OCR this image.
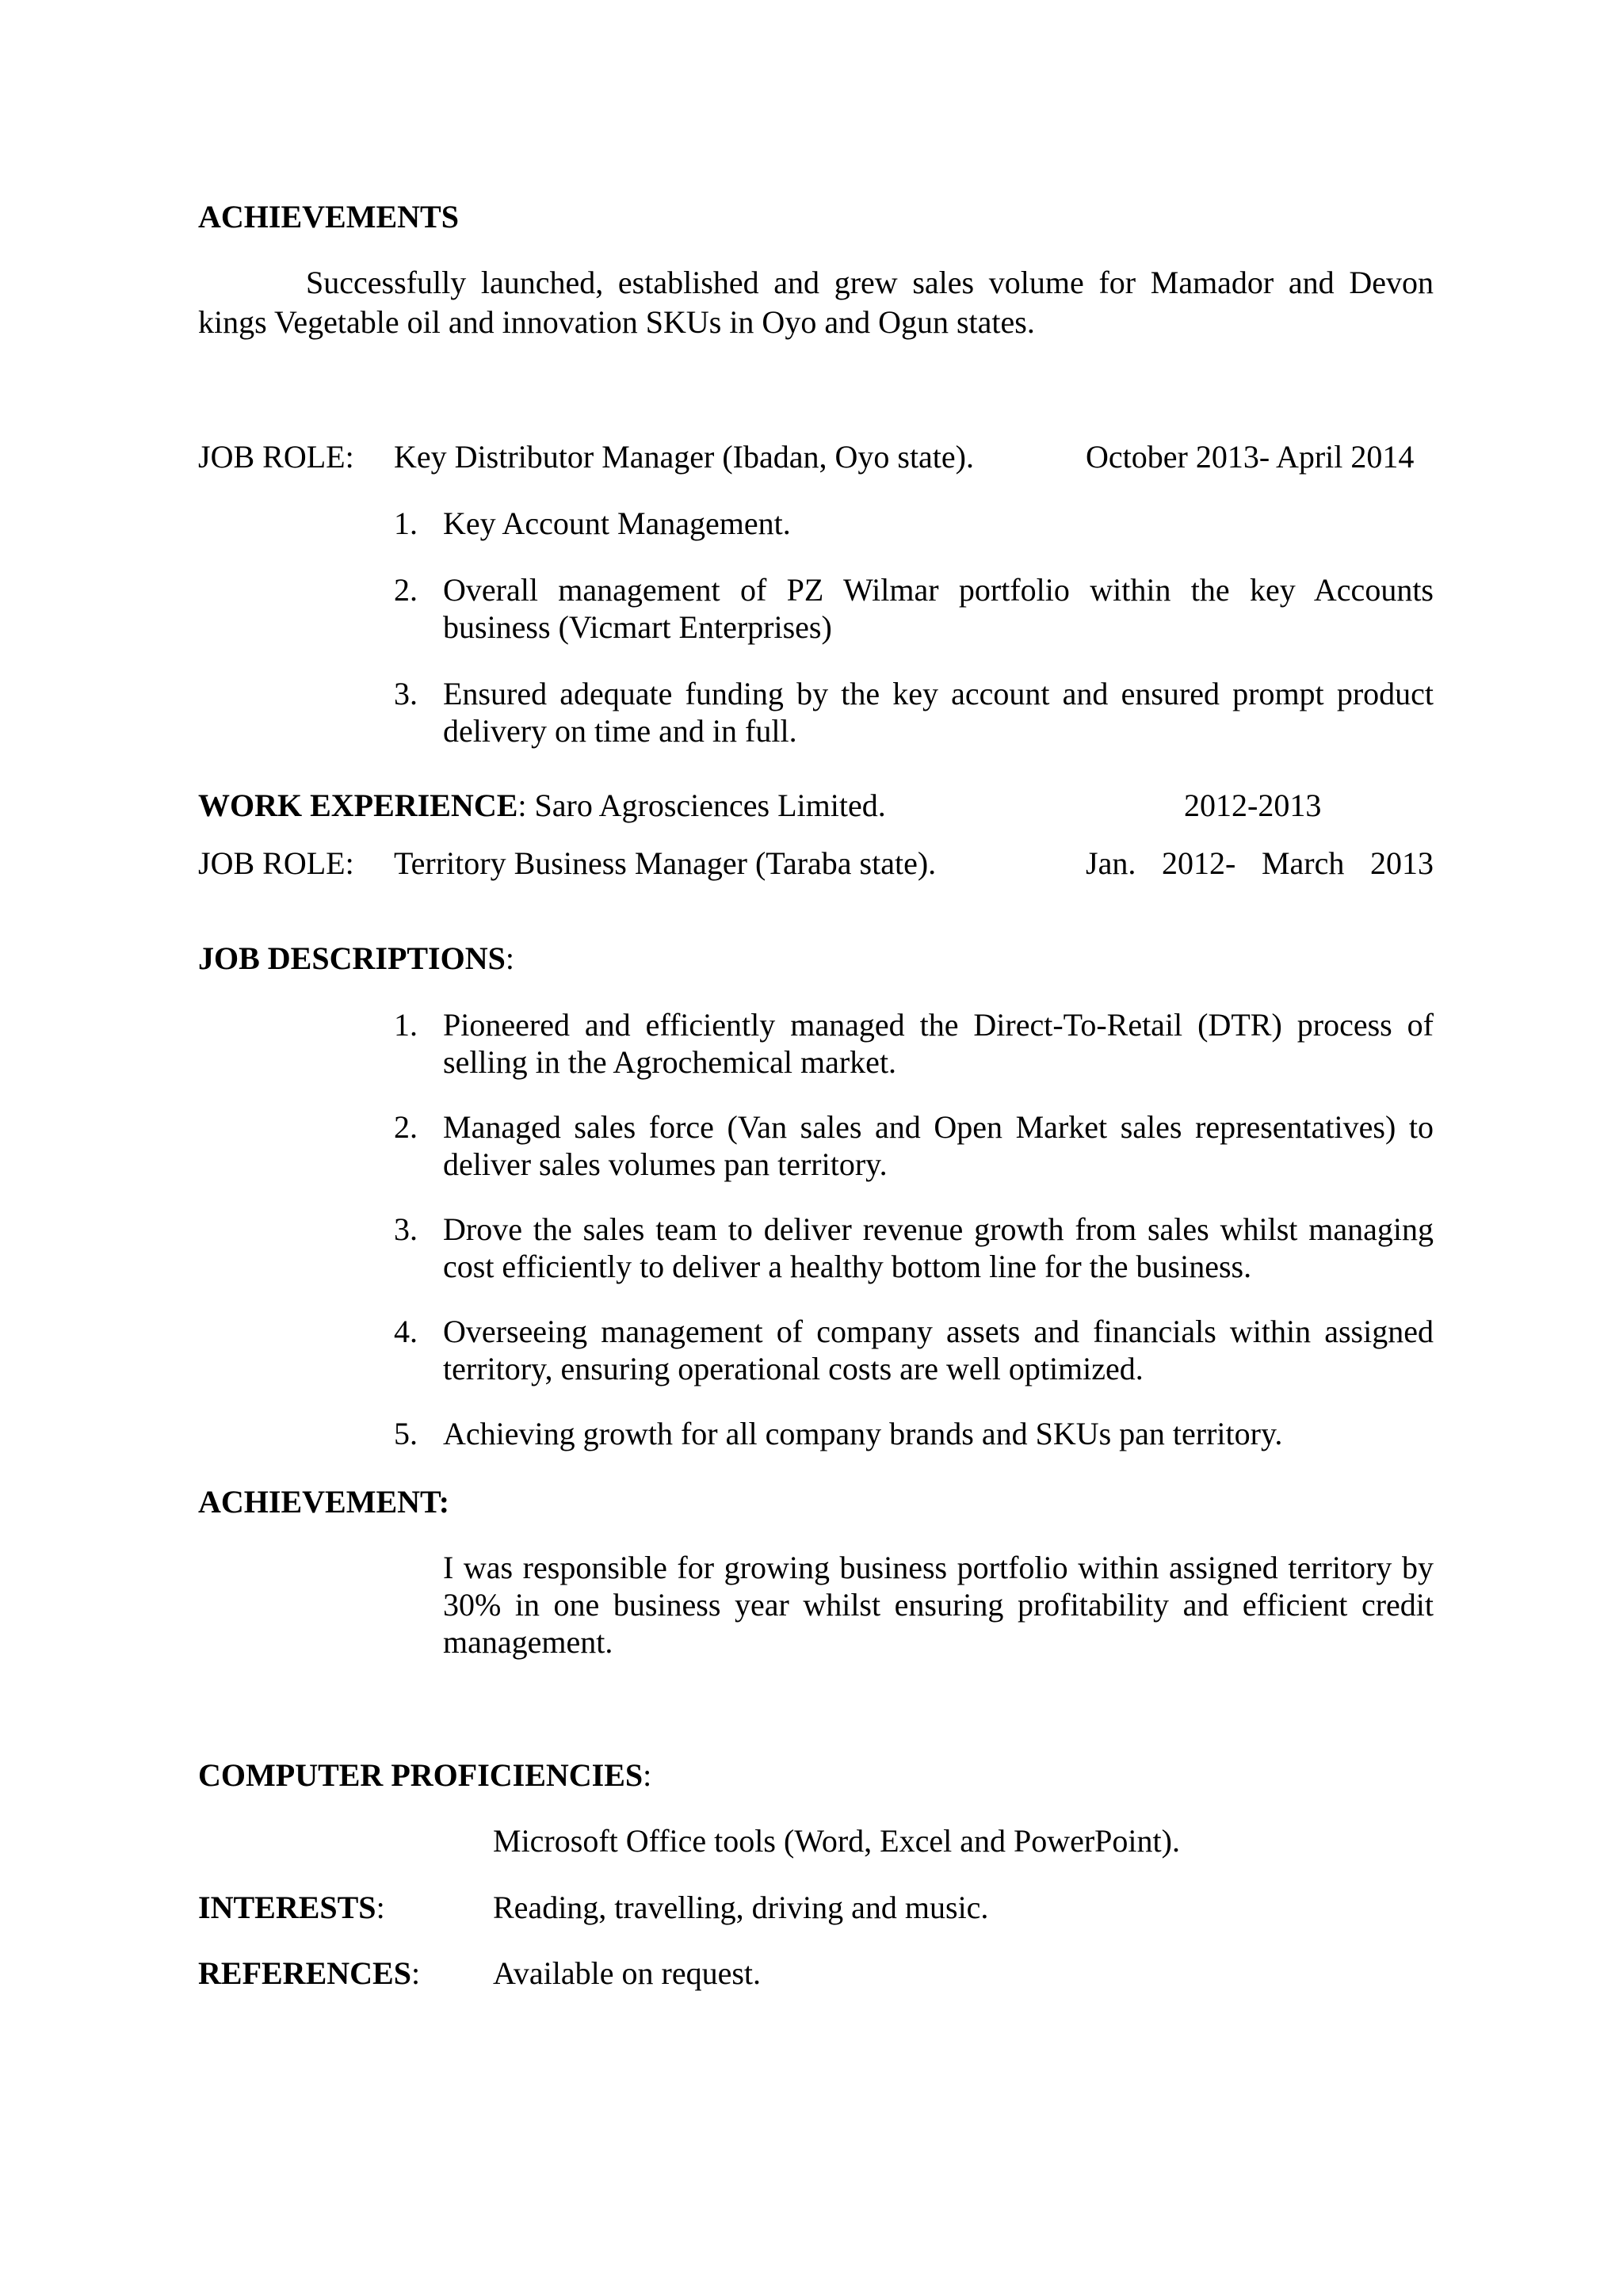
ACHIEVEMENTS
Successfully launched, established and grew sales volume for Mamador and Devon
kings Vegetable oil and innovation SKUs in Oyo and Ogun states.
JOB ROLE: Key Distributor Manager (Ibadan, Oyo state).	October 2013- April 2014
1. Key Account Management.
2. Overall management of PZ Wilmar portfolio within the key Accounts business (Vicmart Enterprises)
3. Ensured adequate funding by the key account and ensured prompt product delivery on time and in full.
WORK EXPERIENCE: Saro Agrosciences Limited.	2012-2013
JOB ROLE: Territory Business Manager (Taraba state).	Jan. 2012- March 2013
JOB DESCRIPTIONS:
1. Pioneered and efficiently managed the Direct-To-Retail (DTR) process of selling in the Agrochemical market.
2. Managed sales force (Van sales and Open Market sales representatives) to deliver sales volumes pan territory.
3. Drove the sales team to deliver revenue growth from sales whilst managing cost efficiently to deliver a healthy bottom line for the business.
4. Overseeing management of company assets and financials within assigned territory, ensuring operational costs are well optimized.
5. Achieving growth for all company brands and SKUs pan territory.
ACHIEVEMENT:
I was responsible for growing business portfolio within assigned territory by 30% in one business year whilst ensuring profitability and efficient credit management.
COMPUTER PROFICIENCIES:
Microsoft Office tools (Word, Excel and PowerPoint).
INTERESTS:	Reading, travelling, driving and music.
REFERENCES: Available on request.
